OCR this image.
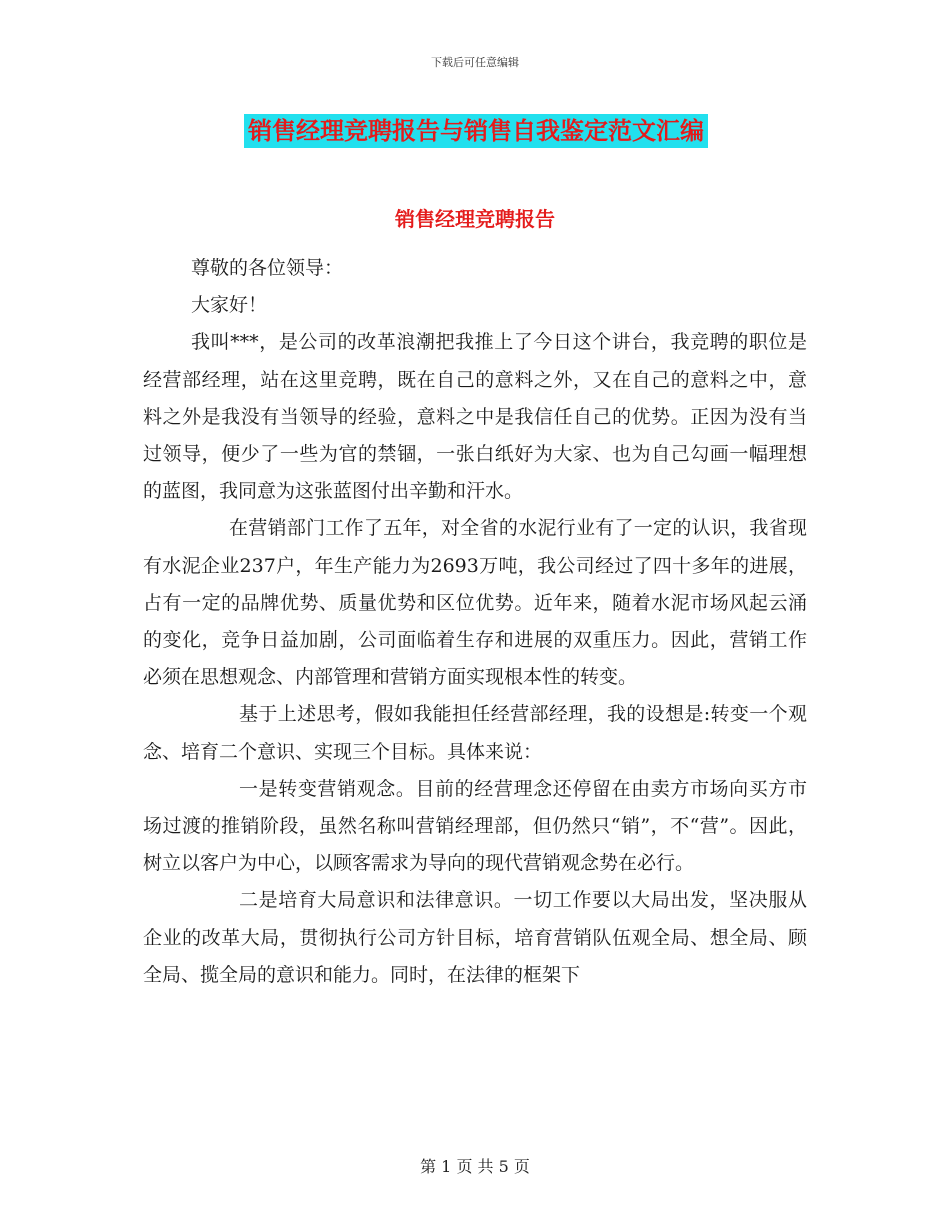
下载后可任意编辑
销售经理竞聘报告与销售自我鉴定范文汇编
销售经理竞聘报告

尊敬的各位领导：

大家好！

我叫***，是公司的改革浪潮把我推上了今日这个讲台，我竞聘的职位是经营部经理，站在这里竞聘，既在自己的意料之外，又在自己的意料之中，意料之外是我没有当领导的经验，意料之中是我信任自己的优势。正因为没有当过领导，便少了一些为官的禁锢，一张白纸好为大家、也为自己勾画一幅理想的蓝图，我同意为这张蓝图付出辛勤和汗水。

在营销部门工作了五年，对全省的水泥行业有了一定的认识，我省现有水泥企业237户，年生产能力为2693万吨，我公司经过了四十多年的进展，占有一定的品牌优势、质量优势和区位优势。近年来，随着水泥市场风起云涌的变化，竞争日益加剧，公司面临着生存和进展的双重压力。因此，营销工作必须在思想观念、内部管理和营销方面实现根本性的转变。

基于上述思考，假如我能担任经营部经理，我的设想是:转变一个观念、培育二个意识、实现三个目标。具体来说：

一是转变营销观念。目前的经营理念还停留在由卖方市场向买方市场过渡的推销阶段，虽然名称叫营销经理部，但仍然只“销”，不“营”。因此，树立以客户为中心，以顾客需求为导向的现代营销观念势在必行。

二是培育大局意识和法律意识。一切工作要以大局出发，坚决服从企业的改革大局，贯彻执行公司方针目标，培育营销队伍观全局、想全局、顾全局、揽全局的意识和能力。同时，在法律的框架下

第 1 页 共 5 页
